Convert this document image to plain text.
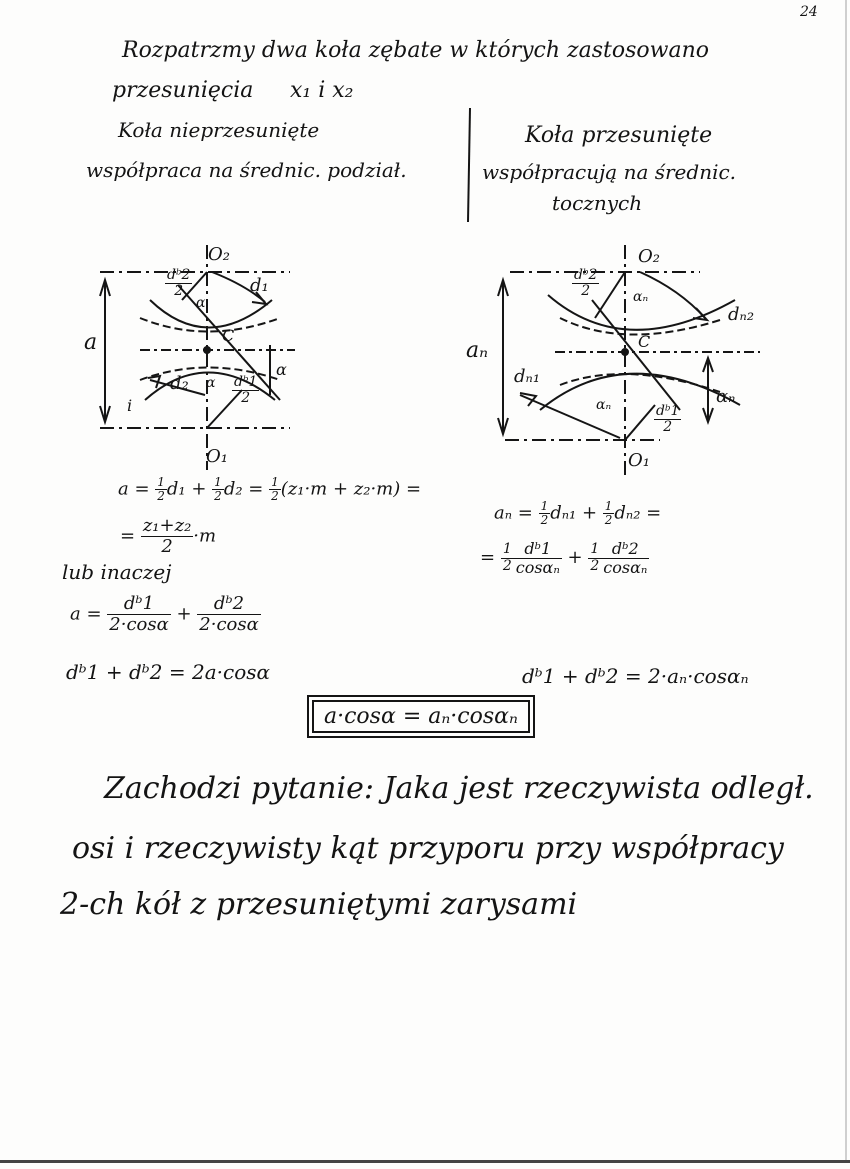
24
Rozpatrzmy dwa koła zębate w których zastosowano
przesunięcia x₁ i x₂
Koła nieprzesunięte
współpraca na średnic. podział.
Koła przesunięte
współpracują na średnic.
tocznych
O₂
O₁
C
a
d₁
d₂
α
α
α
i
$\frac{\text{dᵇ2}}{2}$
$\frac{\text{dᵇ1}}{2}$
O₂
O₁
C
aₙ
dₙ₁
dₙ₂
αₙ
αₙ	αₙ
$\frac{\text{dᵇ2}}{2}$
$\frac{\text{dᵇ1}}{2}$
$a = \frac{1}{2} d_1 + \frac{1}{2} d_2 = \frac{1}{2} (z_1\cdot m + z_2\cdot m)$ =
= $\frac{\text{z₁+z₂}}{2} \cdot m$
lub inaczej
$a = \frac{\text{dᵇ1}}{2\cdot\cos\alpha} + \frac{\text{dᵇ2}}{2\cdot\cos\alpha}$
dᵇ1 + dᵇ2 = 2a·cosα
$a_n = \frac{1}{2} d_{n1} + \frac{1}{2} d_{n2}$ =
= $\frac{1}{2} \frac{\text{dᵇ1}}{\text{cosαₙ}} + \frac{1}{2} \frac{\text{dᵇ2}}{\text{cosαₙ}}$
dᵇ1 + dᵇ2 = 2·aₙ·cosαₙ
a·cosα = aₙ·cosαₙ
Zachodzi pytanie: Jaka jest rzeczywista odległ.
osi i rzeczywisty kąt przyporu przy współpracy
2-ch kół z przesuniętymi zarysami
